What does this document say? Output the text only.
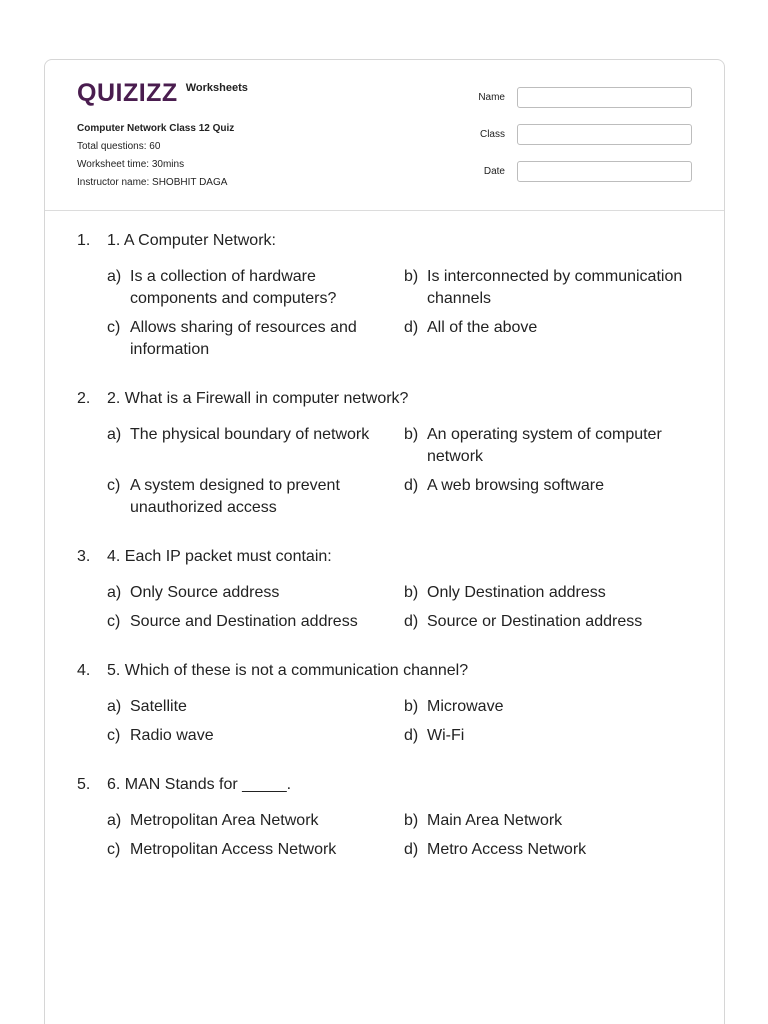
QUIZIZZ Worksheets
Computer Network Class 12 Quiz
Total questions: 60
Worksheet time: 30mins
Instructor name: SHOBHIT DAGA
Name
Class
Date
1.	1. A Computer Network:
a) Is a collection of hardware components and computers?
b) Is interconnected by communication channels
c) Allows sharing of resources and information
d) All of the above
2.	2. What is a Firewall in computer network?
a) The physical boundary of network	b) An operating system of computer network
c) A system designed to prevent unauthorized access
d) A web browsing software
3.	4. Each IP packet must contain:
a) Only Source address	b) Only Destination address
c) Source and Destination address	d) Source or Destination address
4.	5. Which of these is not a communication channel?
a) Satellite	b) Microwave
c) Radio wave	d) Wi-Fi
5.	6. MAN Stands for _____.
a) Metropolitan Area Network	b) Main Area Network
c) Metropolitan Access Network	d) Metro Access Network
